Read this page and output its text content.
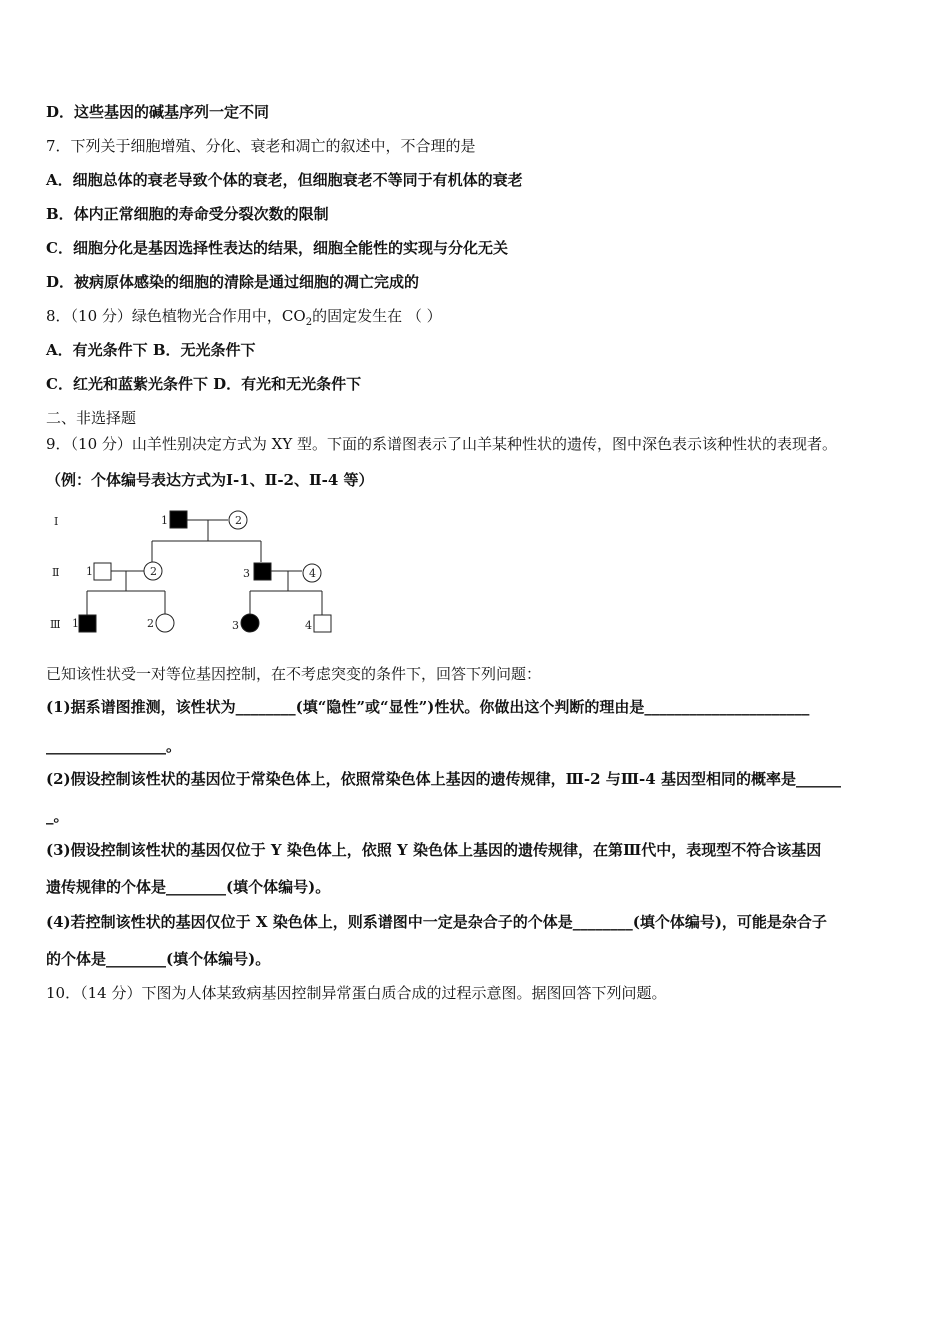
D．这些基因的碱基序列一定不同
7．下列关于细胞增殖、分化、衰老和凋亡的叙述中，不合理的是
A．细胞总体的衰老导致个体的衰老，但细胞衰老不等同于有机体的衰老
B．体内正常细胞的寿命受分裂次数的限制
C．细胞分化是基因选择性表达的结果，细胞全能性的实现与分化无关
D．被病原体感染的细胞的清除是通过细胞的凋亡完成的
8．（10 分）绿色植物光合作用中，$CO_2$的固定发生在 （ ）
A．有光条件下 B．无光条件下
C．红光和蓝紫光条件下 D．有光和无光条件下
二、非选择题
9．（10 分）山羊性别决定方式为 XY 型。下面的系谱图表示了山羊某种性状的遗传，图中深色表示该种性状的表现者。
（例：个体编号表达方式为Ⅰ-1、Ⅱ-2、Ⅱ-4 等）
Ⅰ
Ⅱ
Ⅲ
1	2
1	2	3	4
1	2	3	4
已知该性状受一对等位基因控制，在不考虑突变的条件下，回答下列问题：
(1)据系谱图推测，该性状为________(填“隐性”或“显性”)性状。你做出这个判断的理由是______________________
________________。
(2)假设控制该性状的基因位于常染色体上，依照常染色体上基因的遗传规律，Ⅲ-2 与Ⅲ-4 基因型相同的概率是______
_。
(3)假设控制该性状的基因仅位于 Y 染色体上，依照 Y 染色体上基因的遗传规律，在第Ⅲ代中，表现型不符合该基因
遗传规律的个体是________(填个体编号)。
(4)若控制该性状的基因仅位于 X 染色体上，则系谱图中一定是杂合子的个体是________(填个体编号)，可能是杂合子
的个体是________(填个体编号)。
10．（14 分）下图为人体某致病基因控制异常蛋白质合成的过程示意图。据图回答下列问题。
